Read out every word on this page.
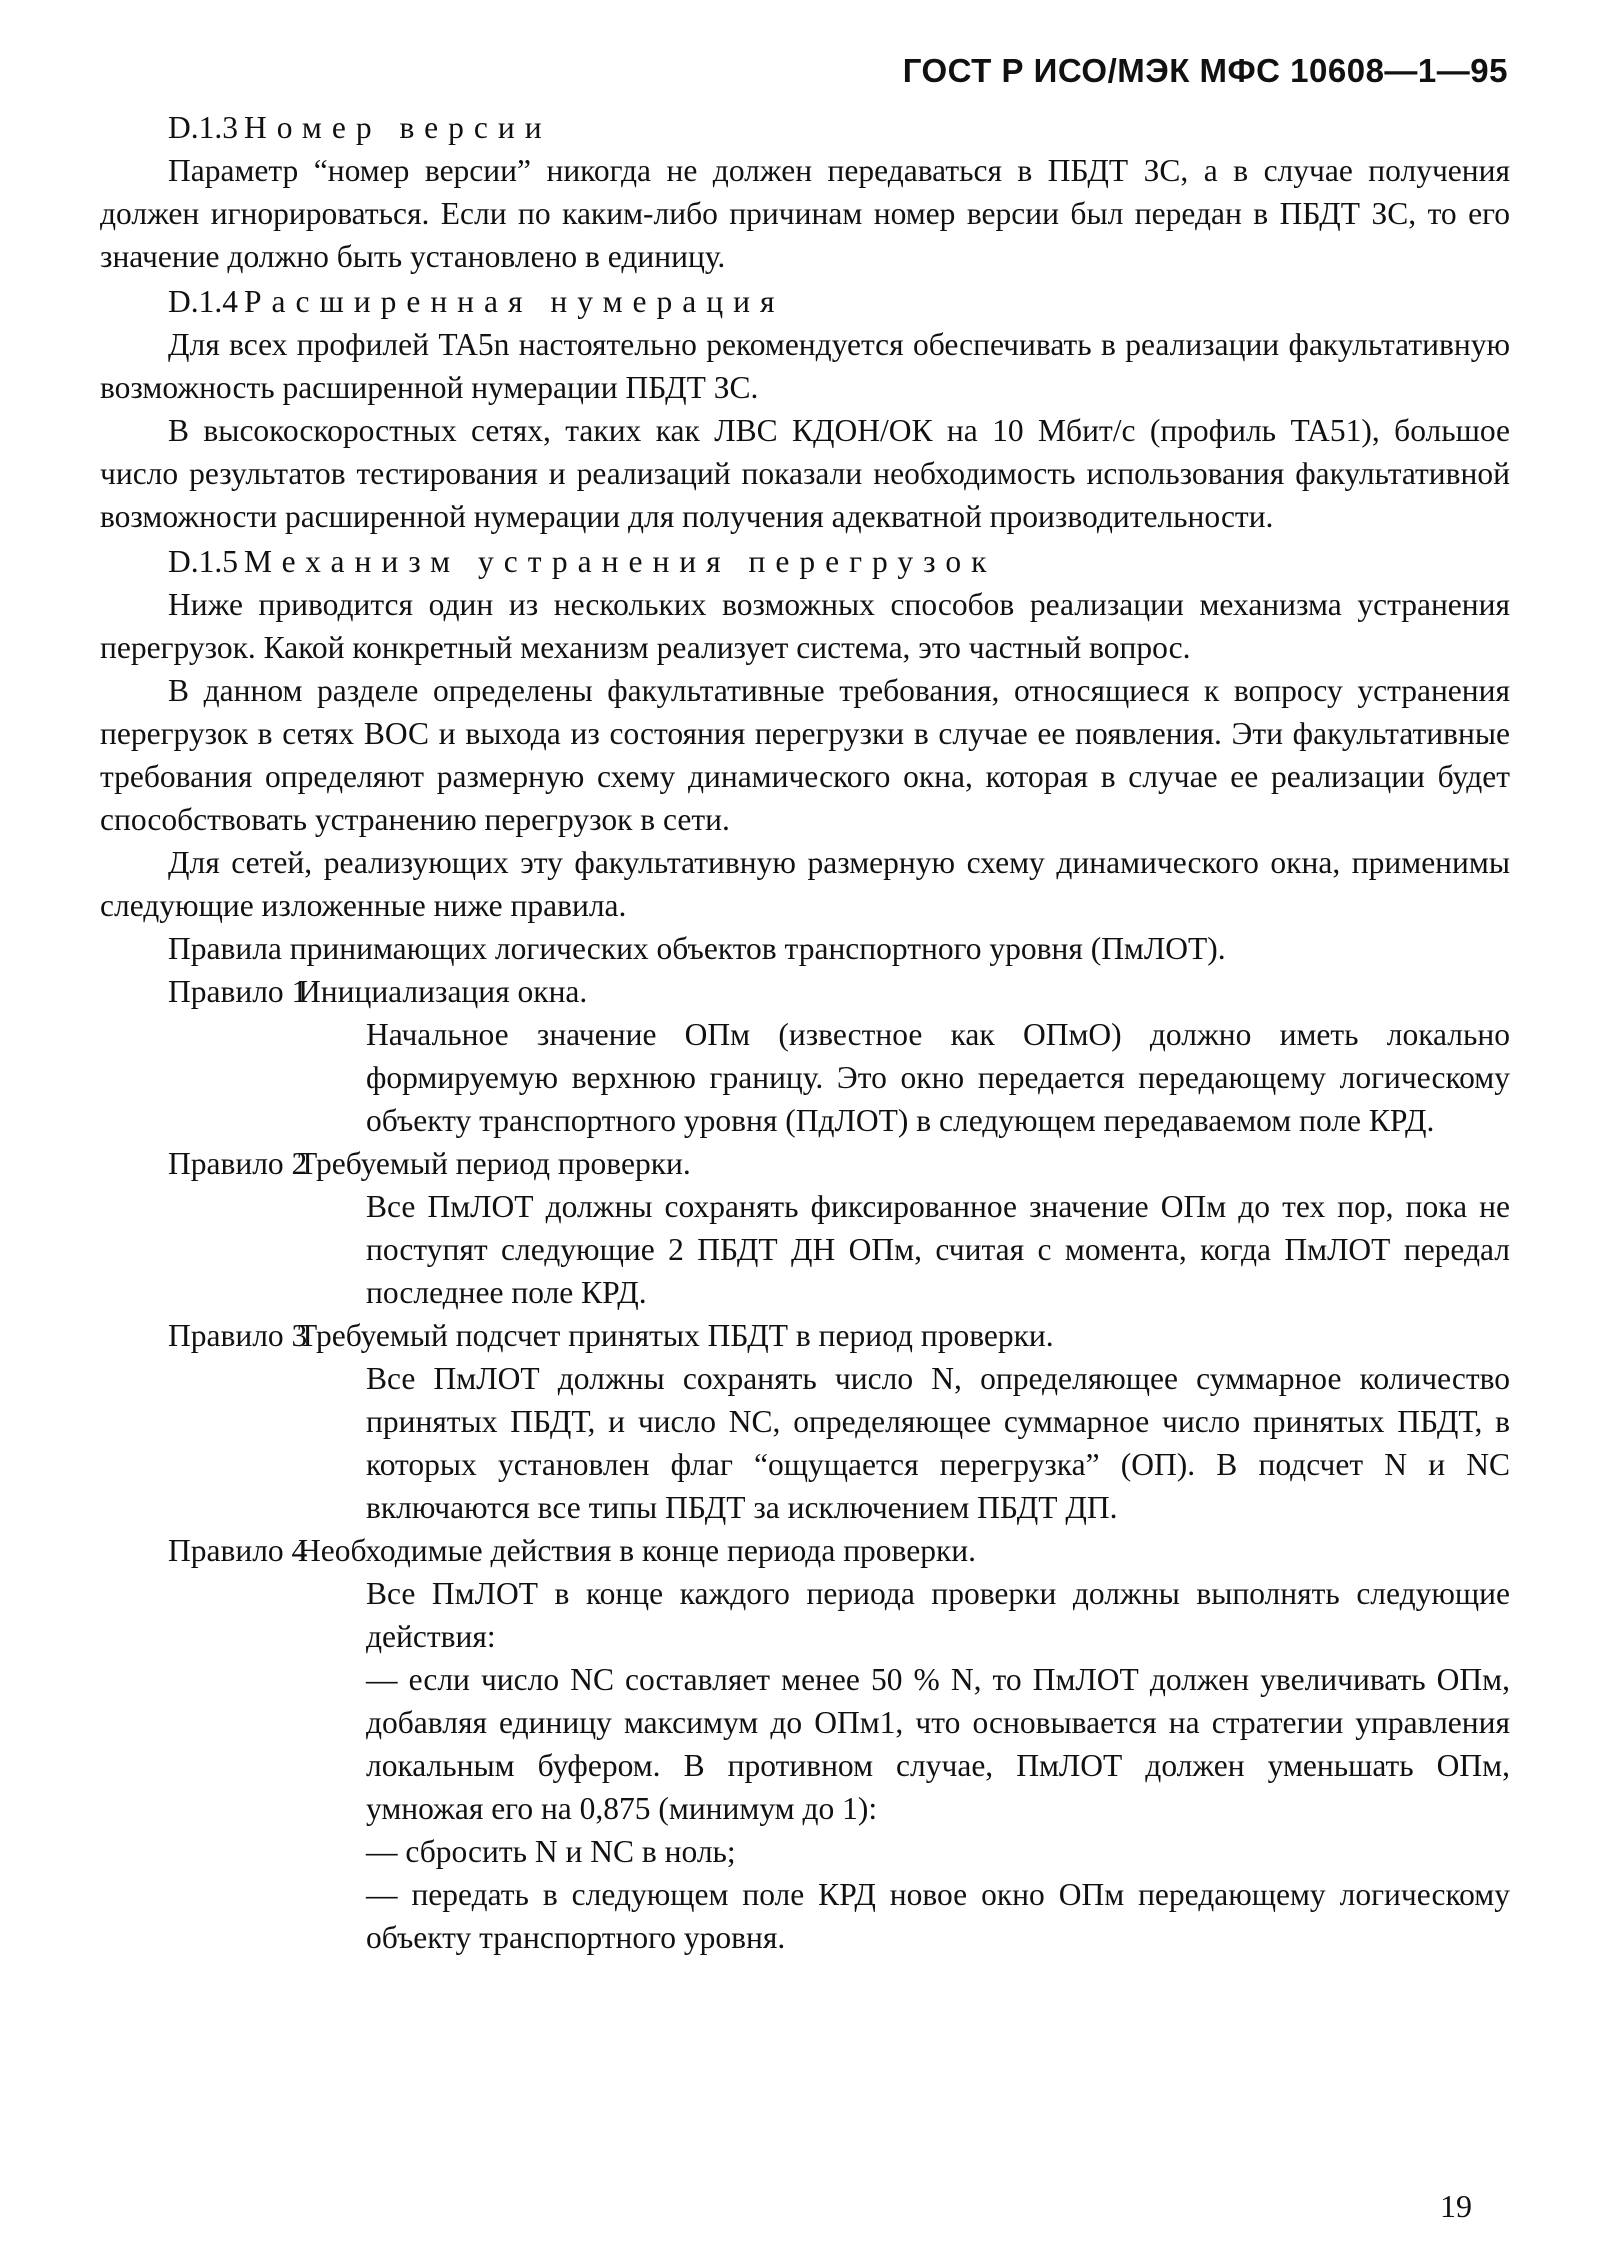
ГОСТ Р ИСО/МЭК МФС 10608—1—95

D.1.3 Номер версии

Параметр “номер версии” никогда не должен передаваться в ПБДТ ЗС, а в случае получения должен игнорироваться. Если по каким-либо причинам номер версии был передан в ПБДТ ЗС, то его значение должно быть установлено в единицу.

D.1.4 Расширенная нумерация

Для всех профилей TA5n настоятельно рекомендуется обеспечивать в реализации факультативную возможность расширенной нумерации ПБДТ ЗС.

В высокоскоростных сетях, таких как ЛВС КДОН/ОК на 10 Мбит/с (профиль TA51), большое число результатов тестирования и реализаций показали необходимость использования факультативной возможности расширенной нумерации для получения адекватной производительности.

D.1.5 Механизм устранения перегрузок

Ниже приводится один из нескольких возможных способов реализации механизма устранения перегрузок. Какой конкретный механизм реализует система, это частный вопрос.

В данном разделе определены факультативные требования, относящиеся к вопросу устранения перегрузок в сетях ВОС и выхода из состояния перегрузки в случае ее появления. Эти факультативные требования определяют размерную схему динамического окна, которая в случае ее реализации будет способствовать устранению перегрузок в сети.

Для сетей, реализующих эту факультативную размерную схему динамического окна, применимы следующие изложенные ниже правила.

Правила принимающих логических объектов транспортного уровня (ПмЛОТ).

Правило 1

Инициализация окна.

Начальное значение ОПм (известное как ОПмО) должно иметь локально формируемую верхнюю границу. Это окно передается передающему логическому объекту транспортного уровня (ПдЛОТ) в следующем передаваемом поле КРД.

Правило 2

Требуемый период проверки.

Все ПмЛОТ должны сохранять фиксированное значение ОПм до тех пор, пока не поступят следующие 2 ПБДТ ДН ОПм, считая с момента, когда ПмЛОТ передал последнее поле КРД.

Правило 3

Требуемый подсчет принятых ПБДТ в период проверки.

Все ПмЛОТ должны сохранять число N, определяющее суммарное количество принятых ПБДТ, и число NC, определяющее суммарное число принятых ПБДТ, в которых установлен флаг “ощущается перегрузка” (ОП). В подсчет N и NC включаются все типы ПБДТ за исключением ПБДТ ДП.

Правило 4

Необходимые действия в конце периода проверки.

Все ПмЛОТ в конце каждого периода проверки должны выполнять следующие действия:

— если число NC составляет менее 50 % N, то ПмЛОТ должен увеличивать ОПм, добавляя единицу максимум до ОПм1, что основывается на стратегии управления локальным буфером. В противном случае, ПмЛОТ должен уменьшать ОПм, умножая его на 0,875 (минимум до 1):

— сбросить N и NC в ноль;

— передать в следующем поле КРД новое окно ОПм передающему логическому объекту транспортного уровня.

19
